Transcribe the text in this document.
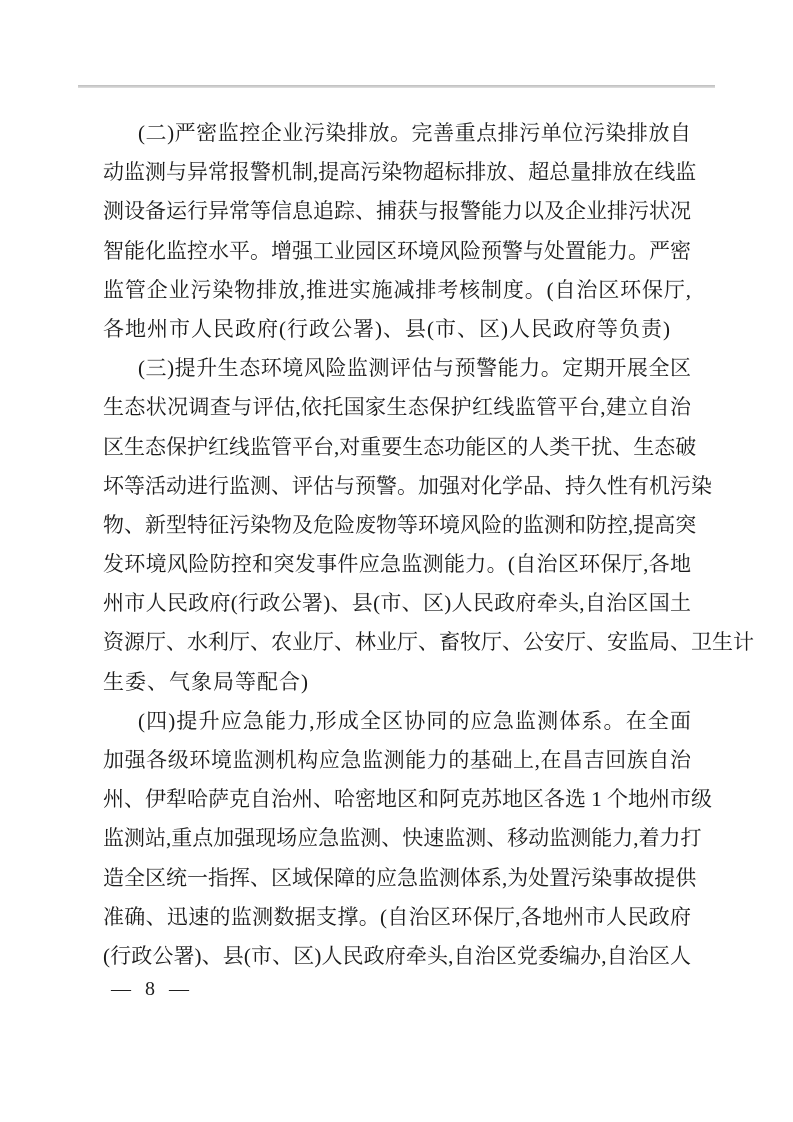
(二)严密监控企业污染排放。完善重点排污单位污染排放自
动监测与异常报警机制,提高污染物超标排放、超总量排放在线监
测设备运行异常等信息追踪、捕获与报警能力以及企业排污状况
智能化监控水平。增强工业园区环境风险预警与处置能力。严密
监管企业污染物排放,推进实施减排考核制度。(自治区环保厅,
各地州市人民政府(行政公署)、县(市、区)人民政府等负责)
(三)提升生态环境风险监测评估与预警能力。定期开展全区
生态状况调查与评估,依托国家生态保护红线监管平台,建立自治
区生态保护红线监管平台,对重要生态功能区的人类干扰、生态破
坏等活动进行监测、评估与预警。加强对化学品、持久性有机污染
物、新型特征污染物及危险废物等环境风险的监测和防控,提高突
发环境风险防控和突发事件应急监测能力。(自治区环保厅,各地
州市人民政府(行政公署)、县(市、区)人民政府牵头,自治区国土
资源厅、水利厅、农业厅、林业厅、畜牧厅、公安厅、安监局、卫生计
生委、气象局等配合)
(四)提升应急能力,形成全区协同的应急监测体系。在全面
加强各级环境监测机构应急监测能力的基础上,在昌吉回族自治
州、伊犁哈萨克自治州、哈密地区和阿克苏地区各选 1 个地州市级
监测站,重点加强现场应急监测、快速监测、移动监测能力,着力打
造全区统一指挥、区域保障的应急监测体系,为处置污染事故提供
准确、迅速的监测数据支撑。(自治区环保厅,各地州市人民政府
(行政公署)、县(市、区)人民政府牵头,自治区党委编办,自治区人
— 8 —
